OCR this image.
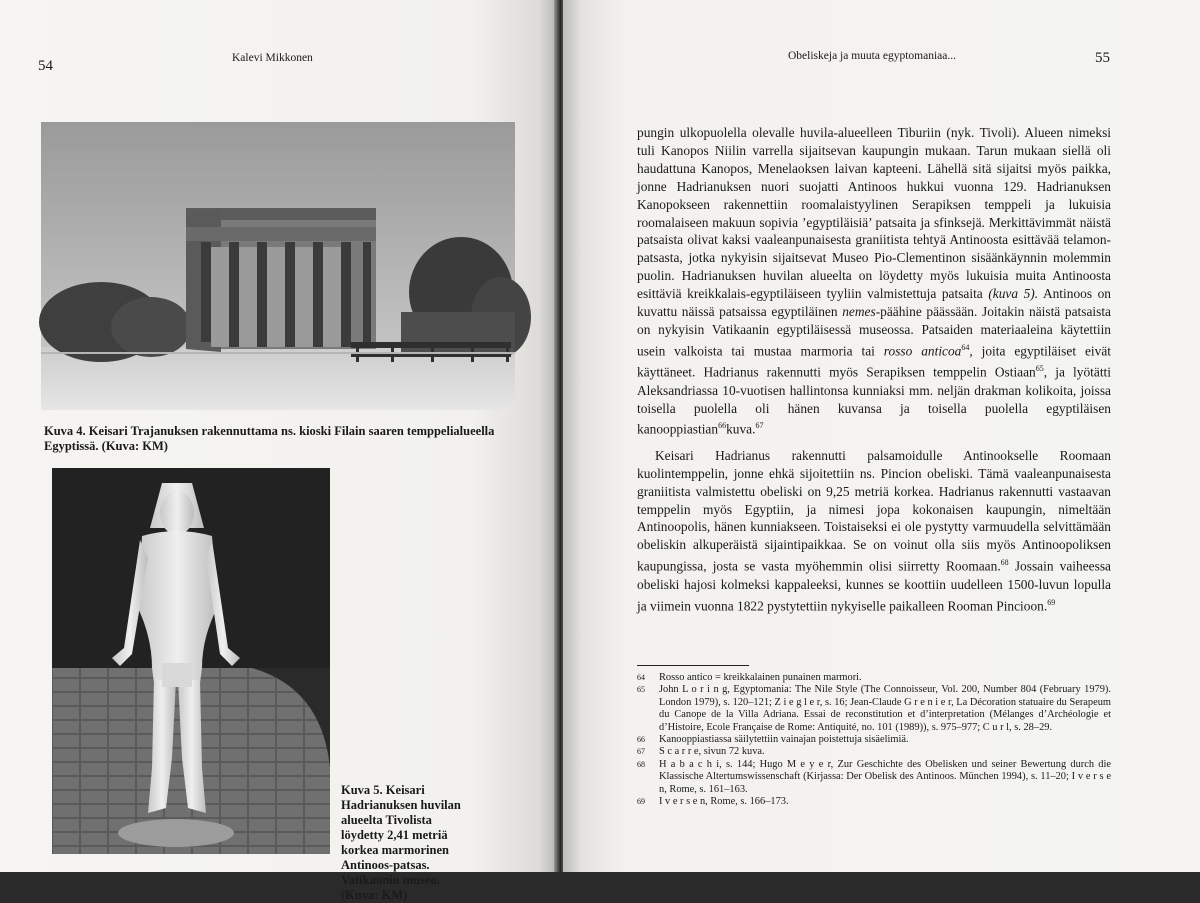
54	Kalevi Mikkonen
Kuva 4. Keisari Trajanuksen rakennuttama ns. kioski Filain saaren temppelialueella Egyptissä. (Kuva: KM)
Kuva 5. Keisari Hadrianuksen huvilan alueelta Tivolista löydetty 2,41 metriä korkea marmorinen Antinoos-patsas. Vatikaanin museo. (Kuva: KM)
Obeliskeja ja muuta egyptomaniaa...	55

pungin ulkopuolella olevalle huvila-alueelleen Tiburiin (nyk. Tivoli). Alueen nimeksi tuli Kanopos Niilin varrella sijaitsevan kaupungin mukaan. Tarun mukaan siellä oli haudattuna Kanopos, Menelaoksen laivan kapteeni. Lähellä sitä sijaitsi myös paikka, jonne Hadrianuksen nuori suojatti Antinoos hukkui vuonna 129. Hadrianuksen Kanopokseen rakennettiin roomalaistyylinen Serapiksen temppeli ja lukuisia roomalaiseen makuun sopivia ’egyptiläisiä’ patsaita ja sfinksejä. Merkittävimmät näistä patsaista olivat kaksi vaaleanpunaisesta graniitista tehtyä Antinoosta esittävää telamon-patsasta, jotka nykyisin sijaitsevat Museo Pio-Clementinon sisäänkäynnin molemmin puolin. Hadrianuksen huvilan alueelta on löydetty myös lukuisia muita Antinoosta esittäviä kreikkalais-egyptiläiseen tyyliin valmistettuja patsaita (kuva 5). Antinoos on kuvattu näissä patsaissa egyptiläinen nemes-päähine päässään. Joitakin näistä patsaista on nykyisin Vatikaanin egyptiläisessä museossa. Patsaiden materiaaleina käytettiin usein valkoista tai mustaa marmoria tai rosso anticoa$^{64}$, joita egyptiläiset eivät käyttäneet. Hadrianus rakennutti myös Serapiksen temppelin Ostiaan$^{65}$, ja lyötätti Aleksandriassa 10-vuotisen hallintonsa kunniaksi mm. neljän drakman kolikoita, joissa toisella puolella oli hänen kuvansa ja toisella puolella egyptiläisen kanooppiastian$^{66}$kuva.$^{67}$

Keisari Hadrianus rakennutti palsamoidulle Antinookselle Roomaan kuolintemppelin, jonne ehkä sijoitettiin ns. Pincion obeliski. Tämä vaaleanpunaisesta graniitista valmistettu obeliski on 9,25 metriä korkea. Hadrianus rakennutti vastaavan temppelin myös Egyptiin, ja nimesi jopa kokonaisen kaupungin, nimeltään Antinoopolis, hänen kunniakseen. Toistaiseksi ei ole pystytty varmuudella selvittämään obeliskin alkuperäistä sijaintipaikkaa. Se on voinut olla siis myös Antinoopoliksen kaupungissa, josta se vasta myöhemmin olisi siirretty Roomaan.$^{68}$ Jossain vaiheessa obeliski hajosi kolmeksi kappaleeksi, kunnes se koottiin uudelleen 1500-luvun lopulla ja viimein vuonna 1822 pystytettiin nykyiselle paikalleen Rooman Pincioon.$^{69}$

64	Rosso antico = kreikkalainen punainen marmori.
65	John L o r i n g, Egyptomania: The Nile Style (The Connoisseur, Vol. 200, Number 804 (February 1979). London 1979), s. 120–121; Z i e g l e r, s. 16; Jean-Claude G r e n i e r, La Décoration statuaire du Serapeum du Canope de la Villa Adriana. Essai de reconstitution et d’interpretation (Mélanges d’Archéologie et d’Histoire, Ecole Française de Rome: Antiquité, no. 101 (1989)), s. 975–977; C u r l, s. 28–29.
66	Kanooppiastiassa säilytettiin vainajan poistettuja sisäelimiä.
67	S c a r r e, sivun 72 kuva.
68	H a b a c h i, s. 144; Hugo M e y e r, Zur Geschichte des Obelisken und seiner Bewertung durch die Klassische Altertumswissenschaft (Kirjassa: Der Obelisk des Antinoos. München 1994), s. 11–20; I v e r s e n, Rome, s. 161–163.
69	I v e r s e n, Rome, s. 166–173.
